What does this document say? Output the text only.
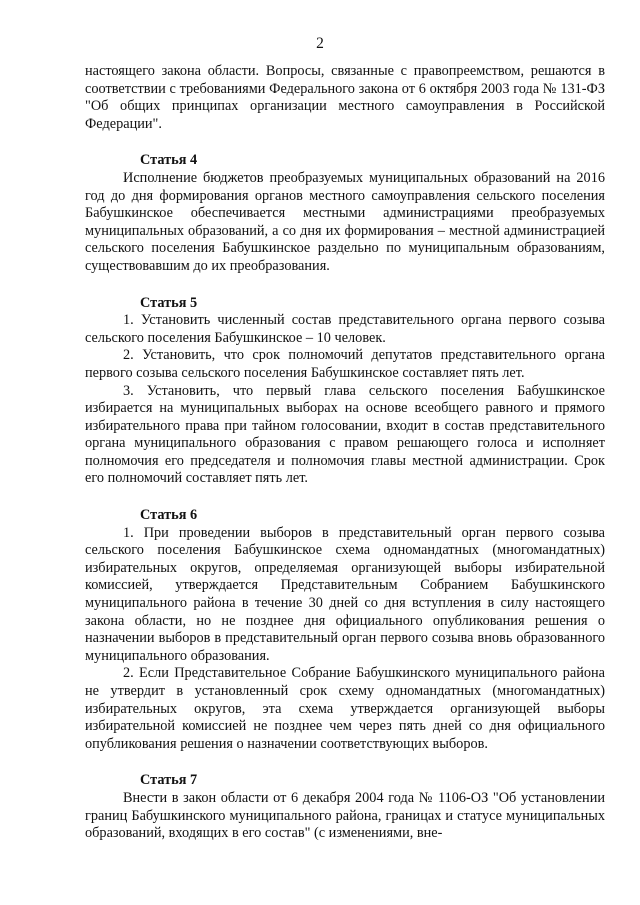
2

настоящего закона области. Вопросы, связанные с правопреемством, решаются в соответствии с требованиями Федерального закона от 6 октября 2003 года № 131-ФЗ "Об общих принципах организации местного самоуправления в Российской Федерации".

Статья 4

Исполнение бюджетов преобразуемых муниципальных образований на 2016 год до дня формирования органов местного самоуправления сельского поселения Бабушкинское обеспечивается местными администрациями преобразуемых муниципальных образований, а со дня их формирования – местной администрацией сельского поселения Бабушкинское раздельно по муниципальным образованиям, существовавшим до их преобразования.

Статья 5

1. Установить численный состав представительного органа первого созыва сельского поселения Бабушкинское – 10 человек.

2. Установить, что срок полномочий депутатов представительного органа первого созыва сельского поселения Бабушкинское составляет пять лет.

3. Установить, что первый глава сельского поселения Бабушкинское избирается на муниципальных выборах на основе всеобщего равного и прямого избирательного права при тайном голосовании, входит в состав представительного органа муниципального образования с правом решающего голоса и исполняет полномочия его председателя и полномочия главы местной администрации. Срок его полномочий составляет пять лет.

Статья 6

1. При проведении выборов в представительный орган первого созыва сельского поселения Бабушкинское схема одномандатных (многомандатных) избирательных округов, определяемая организующей выборы избирательной комиссией, утверждается Представительным Собранием Бабушкинского муниципального района в течение 30 дней со дня вступления в силу настоящего закона области, но не позднее дня официального опубликования решения о назначении выборов в представительный орган первого созыва вновь образованного муниципального образования.

2. Если Представительное Собрание Бабушкинского муниципального района не утвердит в установленный срок схему одномандатных (многомандатных) избирательных округов, эта схема утверждается организующей выборы избирательной комиссией не позднее чем через пять дней со дня официального опубликования решения о назначении соответствующих выборов.

Статья 7

Внести в закон области от 6 декабря 2004 года № 1106-ОЗ "Об установлении границ Бабушкинского муниципального района, границах и статусе муниципальных образований, входящих в его состав" (с изменениями, вне-
